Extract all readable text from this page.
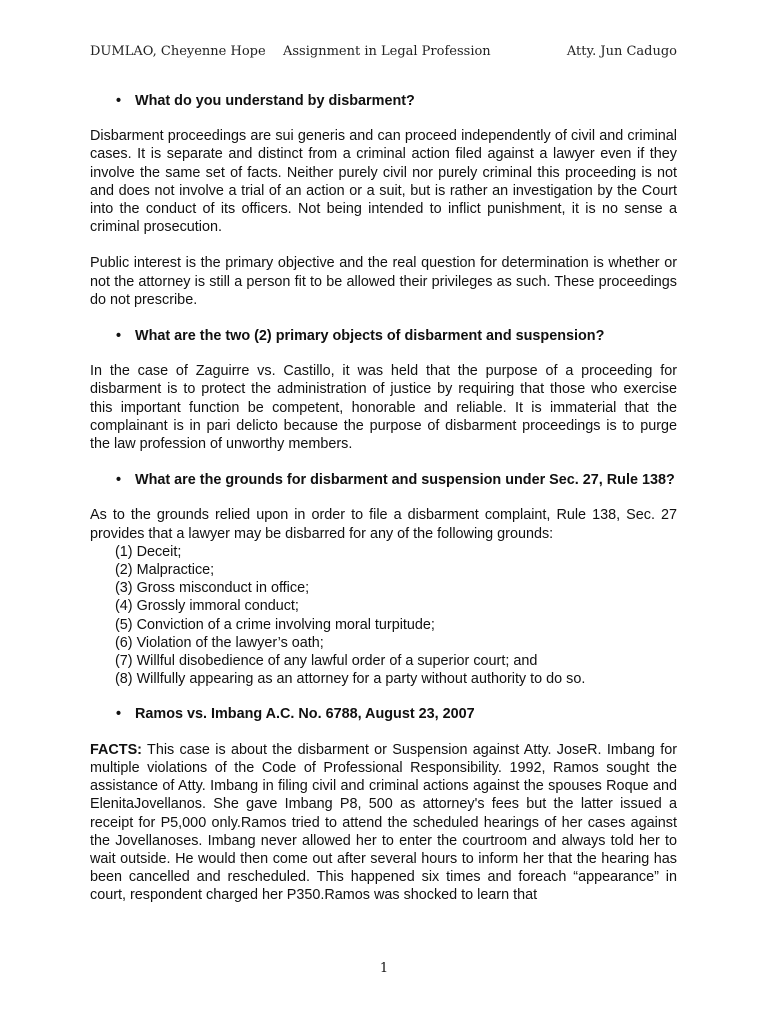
DUMLAO, Cheyenne Hope Assignment in Legal Profession	Atty. Jun Cadugo
• What do you understand by disbarment?

Disbarment proceedings are sui generis and can proceed independently of civil and criminal cases. It is separate and distinct from a criminal action filed against a lawyer even if they involve the same set of facts. Neither purely civil nor purely criminal this proceeding is not and does not involve a trial of an action or a suit, but is rather an investigation by the Court into the conduct of its officers. Not being intended to inflict punishment, it is no sense a criminal prosecution.

Public interest is the primary objective and the real question for determination is whether or not the attorney is still a person fit to be allowed their privileges as such. These proceedings do not prescribe.

• What are the two (2) primary objects of disbarment and suspension?

In the case of Zaguirre vs. Castillo, it was held that the purpose of a proceeding for disbarment is to protect the administration of justice by requiring that those who exercise this important function be competent, honorable and reliable. It is immaterial that the complainant is in pari delicto because the purpose of disbarment proceedings is to purge the law profession of unworthy members.

• What are the grounds for disbarment and suspension under Sec. 27, Rule 138?

As to the grounds relied upon in order to file a disbarment complaint, Rule 138, Sec. 27 provides that a lawyer may be disbarred for any of the following grounds:

(1) Deceit;
(2) Malpractice;
(3) Gross misconduct in office;
(4) Grossly immoral conduct;
(5) Conviction of a crime involving moral turpitude;
(6) Violation of the lawyer’s oath;
(7) Willful disobedience of any lawful order of a superior court; and
(8) Willfully appearing as an attorney for a party without authority to do so.
• Ramos vs. Imbang A.C. No. 6788, August 23, 2007

FACTS: This case is about the disbarment or Suspension against Atty. JoseR. Imbang for multiple violations of the Code of Professional Responsibility. 1992, Ramos sought the assistance of Atty. Imbang in filing civil and criminal actions against the spouses Roque and ElenitaJovellanos. She gave Imbang P8, 500 as attorney's fees but the latter issued a receipt for P5,000 only.Ramos tried to attend the scheduled hearings of her cases against the Jovellanoses. Imbang never allowed her to enter the courtroom and always told her to wait outside. He would then come out after several hours to inform her that the hearing has been cancelled and rescheduled. This happened six times and foreach “appearance” in court, respondent charged her P350.Ramos was shocked to learn that

1
